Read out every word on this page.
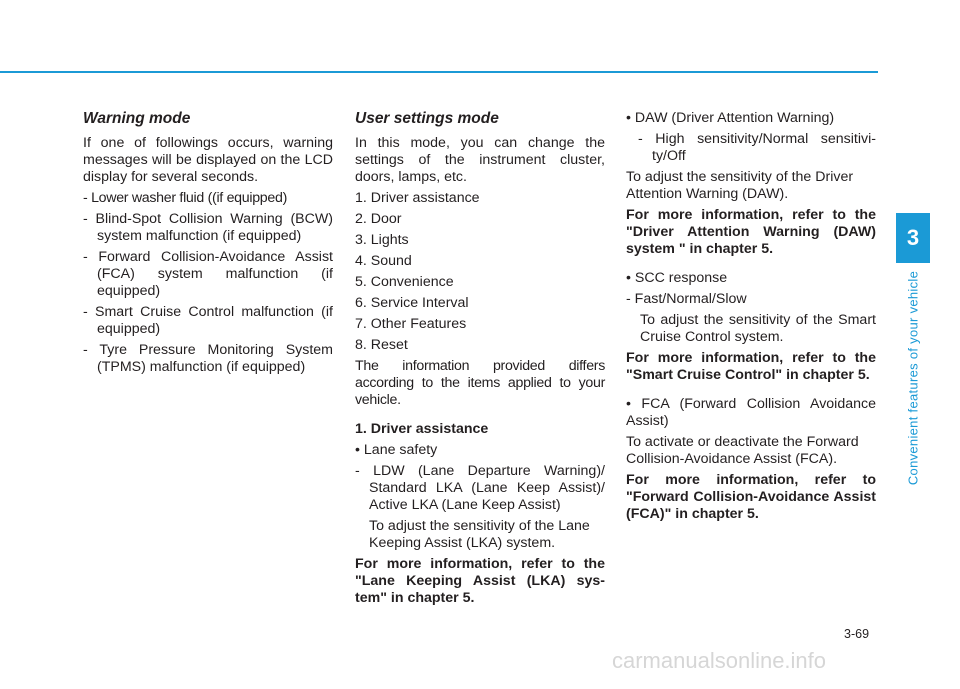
Warning mode

If one of followings occurs, warning messages will be displayed on the LCD display for several seconds.

- Lower washer fluid ((if equipped)

- Blind-Spot Collision Warning (BCW) system malfunction (if equipped)

- Forward Collision-Avoidance Assist (FCA) system malfunction (if equipped)

- Smart Cruise Control malfunction (if equipped)

- Tyre Pressure Monitoring System (TPMS) malfunction (if equipped)

User settings mode

In this mode, you can change the settings of the instrument cluster, doors, lamps, etc.

1. Driver assistance

2. Door

3. Lights

4. Sound

5. Convenience

6. Service Interval

7. Other Features

8. Reset

The information provided differs according to the items applied to your vehicle.

1. Driver assistance

• Lane safety

- LDW (Lane Departure Warning)/ Standard LKA (Lane Keep Assist)/ Active LKA (Lane Keep Assist)

To adjust the sensitivity of the Lane Keeping Assist (LKA) system.

For more information, refer to the "Lane Keeping Assist (LKA) sys- tem" in chapter 5.

• DAW (Driver Attention Warning)

- High sensitivity/Normal sensitivi- ty/Off

To adjust the sensitivity of the Driver Attention Warning (DAW).

For more information, refer to the "Driver Attention Warning (DAW) system " in chapter 5.

• SCC response

- Fast/Normal/Slow

To adjust the sensitivity of the Smart Cruise Control system.

For more information, refer to the "Smart Cruise Control" in chapter 5.

• FCA (Forward Collision Avoidance Assist)

To activate or deactivate the Forward Collision-Avoidance Assist (FCA).

For more information, refer to "Forward Collision-Avoidance Assist (FCA)" in chapter 5.

3
Convenient features of your vehicle
3-69
carmanualsonline.info
